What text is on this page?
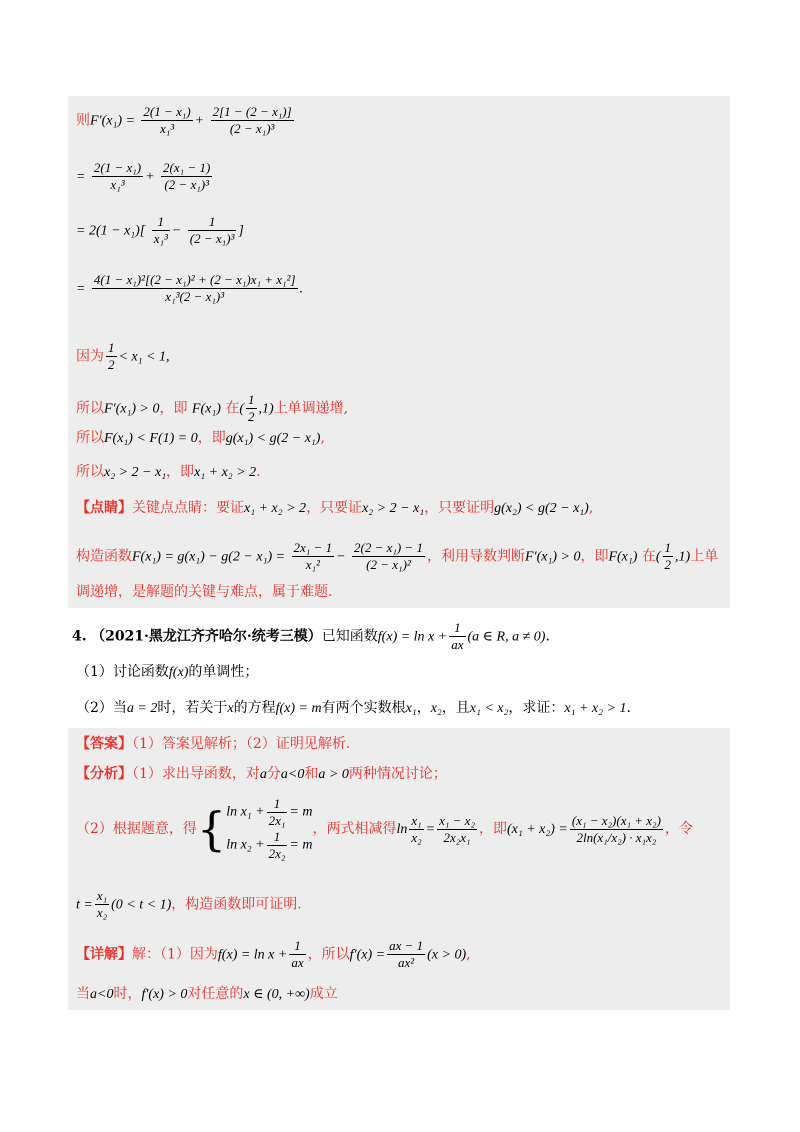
则$F'(x_1) = \frac{\text{2(1 − x₁)}}{\text{x₁³}} + \frac{\text{2[1 − (2 − x₁)]}}{\text{(2 − x₁)³}}$
= $\frac{\text{2(1 − x₁)}}{\text{x₁³}} + \frac{\text{2(x₁ − 1)}}{\text{(2 − x₁)³}}$
= $2(1 - x_1)[ \frac{1}{\text{x₁³}} - \frac{1}{\text{(2 − x₁)³}}$ ]
= $\frac{\text{4(1 − x₁)²[(2 − x₁)² + (2 − x₁)x₁ + x₁²]}}{\text{x₁³(2 − x₁)³}}$ .
因为 $\frac{1}{2} < x_1 < 1$,
所以F′(x₁) > 0，即 F(x₁) 在( $\frac{1}{2} ,1$)上单调递增,
所以F(x₁) < F(1) = 0，即g(x₁) < g(2 − x₁),
所以x₂ > 2 − x₁，即x₁ + x₂ > 2.
【点睛】关键点点睛：要证x₁ + x₂ > 2，只要证x₂ > 2 − x₁，只要证明g(x₂) < g(2 − x₁),
构造函数$F(x_1) = g(x_1) - g(2 - x_1) = \frac{\text{2x₁ − 1}}{\text{x₁²}} - \frac{\text{2(2 − x₁) − 1}}{\text{(2 − x₁)²}}$ ，利用导数判断F′(x₁) > 0，即F(x₁) 在( $\frac{1}{2} ,1$)上单
调递增，是解题的关键与难点，属于难题.
4. （2021·黑龙江齐齐哈尔·统考三模）已知函数$f(x) = \ln x + \frac{1}{ax} (a$ ∈ R, a ≠ 0).
（1）讨论函数f(x)的单调性；
（2）当a = 2时，若关于x的方程f(x) = m有两个实数根x₁，x₂，且x₁ < x₂，求证：x₁ + x₂ > 1.
【答案】（1）答案见解析；（2）证明见解析.
【分析】（1）求出导函数，对a分a<0和a > 0两种情况讨论；
（2）根据题意，得{ $\ln x_1 + \frac{1}{\text{2x₁}} = m$
$\ln x_2 + \frac{1}{\text{2x₂}} = m$
，两式相减得$\ln \frac{\text{x₁}}{\text{x₂}} = \frac{\text{x₁ − x₂}}{\text{2x₂x₁}}$ ，即$(x_1 + x_2) = \frac{\text{(x₁ − x₂)(x₁ + x₂)}}{\text{2ln(x₁/x₂) · x₁x₂}}$ ，令
$t = \frac{\text{x₁}}{\text{x₂}} (0 < t < 1)$，构造函数即可证明.
【详解】解：（1）因为$f(x) = \ln x + \frac{1}{ax}$ ，所以$f'(x) = \frac{ax - 1}{\text{ax²}} (x > 0)$,
当a<0时，f′(x) > 0对任意的x ∈ (0, +∞)成立
